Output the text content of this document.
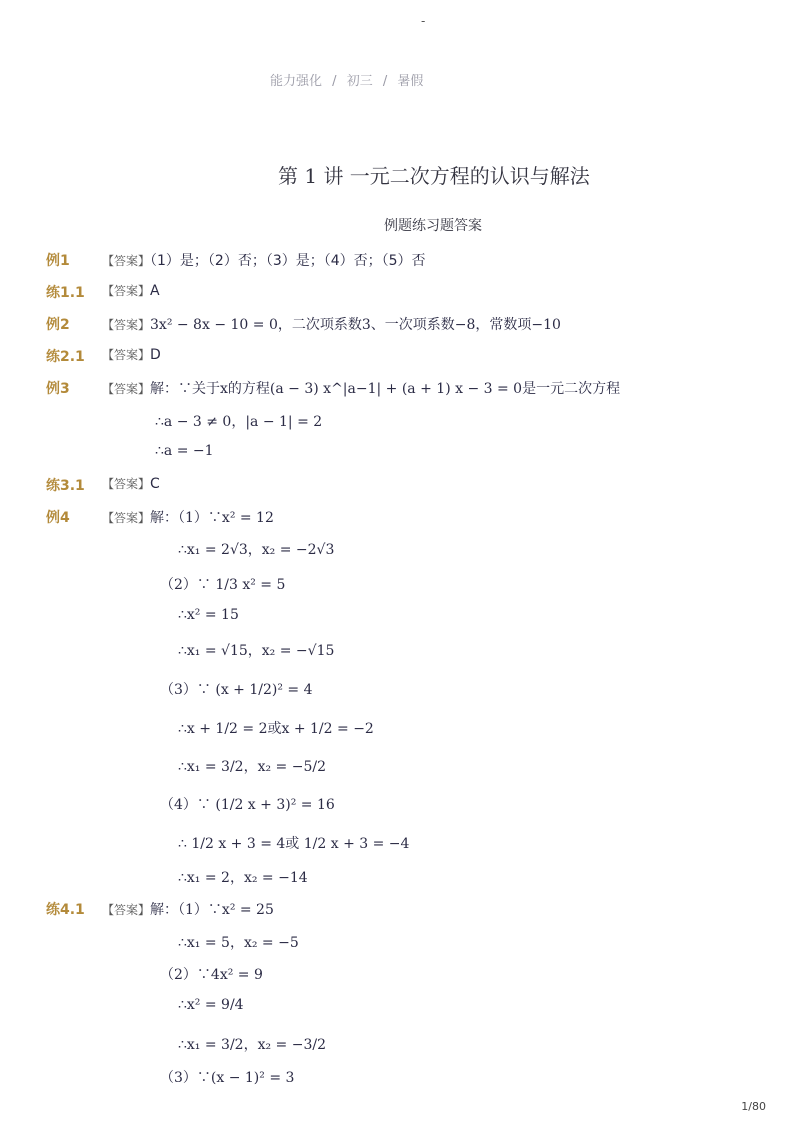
-
能力强化 / 初三 / 暑假
第 1 讲 一元二次方程的认识与解法
例题练习题答案
例1	【答案】（1）是；（2）否；（3）是；（4）否；（5）否
练1.1 【答案】A
例2	【答案】3x² − 8x − 10 = 0，二次项系数3、一次项系数−8，常数项−10
练2.1 【答案】D
例3	【答案】解：∵关于x的方程(a − 3) x^|a−1| + (a + 1) x − 3 = 0是一元二次方程
∴a − 3 ≠ 0，|a − 1| = 2
∴a = −1
练3.1 【答案】C
例4	【答案】解：（1）∵x² = 12
∴x₁ = 2√3，x₂ = −2√3
（2）∵ 1/3 x² = 5
∴x² = 15
∴x₁ = √15，x₂ = −√15
（3）∵ (x + 1/2)² = 4
∴x + 1/2 = 2或x + 1/2 = −2
∴x₁ = 3/2，x₂ = −5/2
（4）∵ (1/2 x + 3)² = 16
∴ 1/2 x + 3 = 4或 1/2 x + 3 = −4
∴x₁ = 2，x₂ = −14
练4.1 【答案】解：（1）∵x² = 25
∴x₁ = 5，x₂ = −5
（2）∵4x² = 9
∴x² = 9/4
∴x₁ = 3/2，x₂ = −3/2
（3）∵(x − 1)² = 3
1/80
